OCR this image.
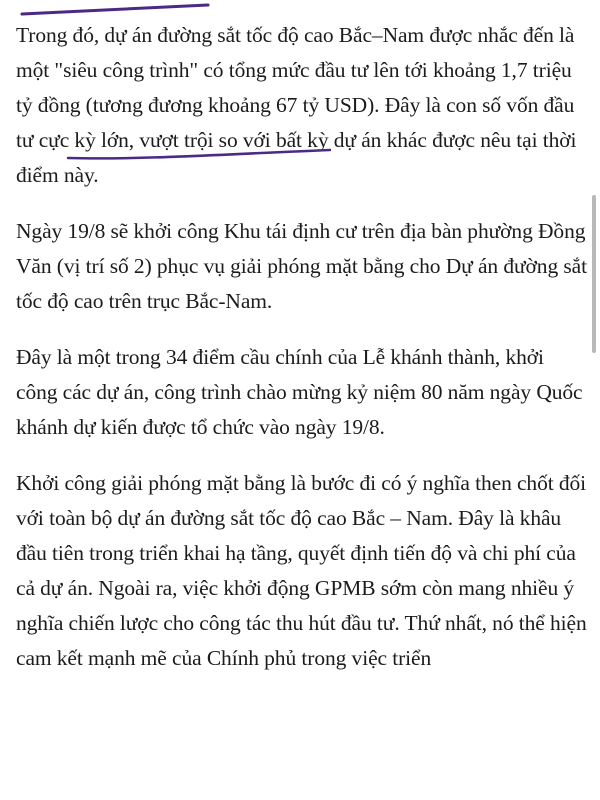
Trong đó, dự án đường sắt tốc độ cao Bắc–Nam được nhắc đến là một "siêu công trình" có tổng mức đầu tư lên tới khoảng 1,7 triệu tỷ đồng (tương đương khoảng 67 tỷ USD). Đây là con số vốn đầu tư cực kỳ lớn, vượt trội so với bất kỳ dự án khác được nêu tại thời điểm này.

Ngày 19/8 sẽ khởi công Khu tái định cư trên địa bàn phường Đồng Văn (vị trí số 2) phục vụ giải phóng mặt bằng cho Dự án đường sắt tốc độ cao trên trục Bắc-Nam.

Đây là một trong 34 điểm cầu chính của Lễ khánh thành, khởi công các dự án, công trình chào mừng kỷ niệm 80 năm ngày Quốc khánh dự kiến được tổ chức vào ngày 19/8.

Khởi công giải phóng mặt bằng là bước đi có ý nghĩa then chốt đối với toàn bộ dự án đường sắt tốc độ cao Bắc – Nam. Đây là khâu đầu tiên trong triển khai hạ tầng, quyết định tiến độ và chi phí của cả dự án. Ngoài ra, việc khởi động GPMB sớm còn mang nhiều ý nghĩa chiến lược cho công tác thu hút đầu tư. Thứ nhất, nó thể hiện cam kết mạnh mẽ của Chính phủ trong việc triển
